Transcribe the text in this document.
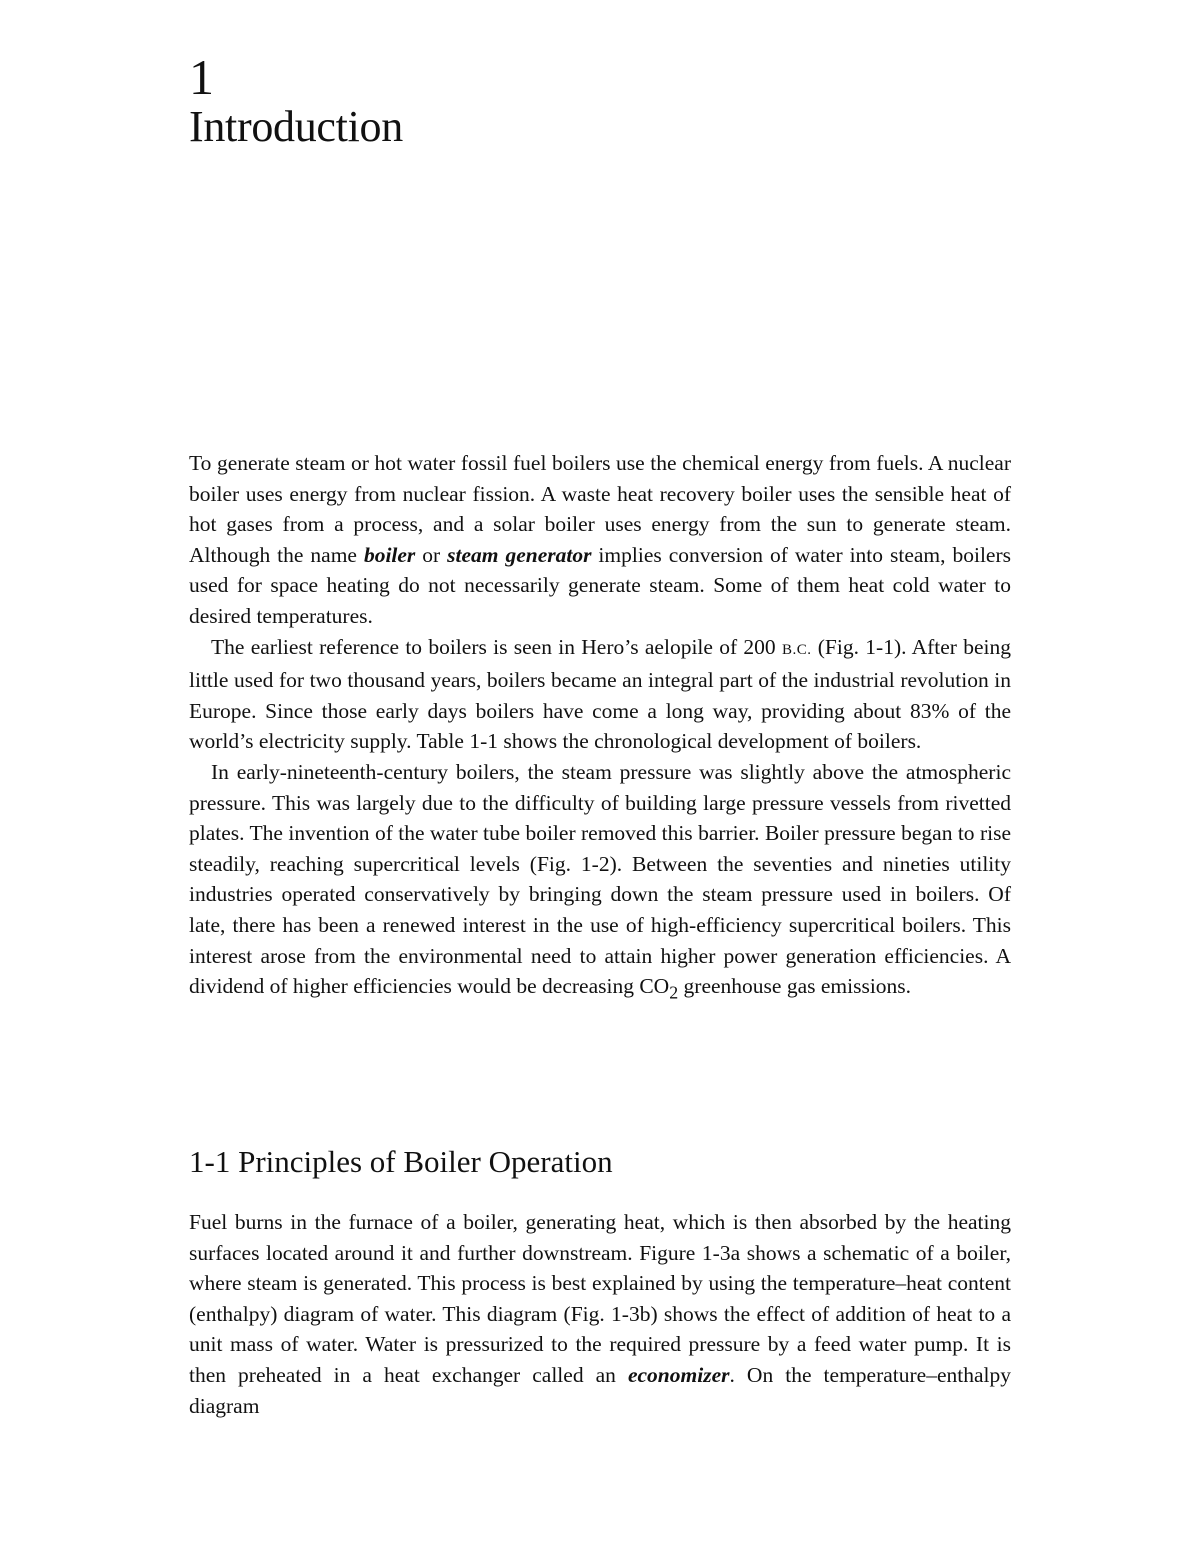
1
Introduction

To generate steam or hot water fossil fuel boilers use the chemical energy from fuels. A nuclear boiler uses energy from nuclear fission. A waste heat recovery boiler uses the sensible heat of hot gases from a process, and a solar boiler uses energy from the sun to generate steam. Although the name boiler or steam generator implies conversion of water into steam, boilers used for space heating do not necessarily generate steam. Some of them heat cold water to desired temperatures.

The earliest reference to boilers is seen in Hero’s aelopile of 200 B.C. (Fig. 1-1). After being little used for two thousand years, boilers became an integral part of the industrial revolution in Europe. Since those early days boilers have come a long way, providing about 83% of the world’s electricity supply. Table 1-1 shows the chronological development of boilers.

In early-nineteenth-century boilers, the steam pressure was slightly above the atmospheric pressure. This was largely due to the difficulty of building large pressure vessels from rivetted plates. The invention of the water tube boiler removed this barrier. Boiler pressure began to rise steadily, reaching supercritical levels (Fig. 1-2). Between the seventies and nineties utility industries operated conservatively by bringing down the steam pressure used in boilers. Of late, there has been a renewed interest in the use of high-efficiency supercritical boilers. This interest arose from the environmental need to attain higher power generation efficiencies. A dividend of higher efficiencies would be decreasing $CO_2$ greenhouse gas emissions.

1-1 Principles of Boiler Operation

Fuel burns in the furnace of a boiler, generating heat, which is then absorbed by the heating surfaces located around it and further downstream. Figure 1-3a shows a schematic of a boiler, where steam is generated. This process is best explained by using the temperature–heat content (enthalpy) diagram of water. This diagram (Fig. 1-3b) shows the effect of addition of heat to a unit mass of water. Water is pressurized to the required pressure by a feed water pump. It is then preheated in a heat exchanger called an economizer. On the temperature–enthalpy diagram
